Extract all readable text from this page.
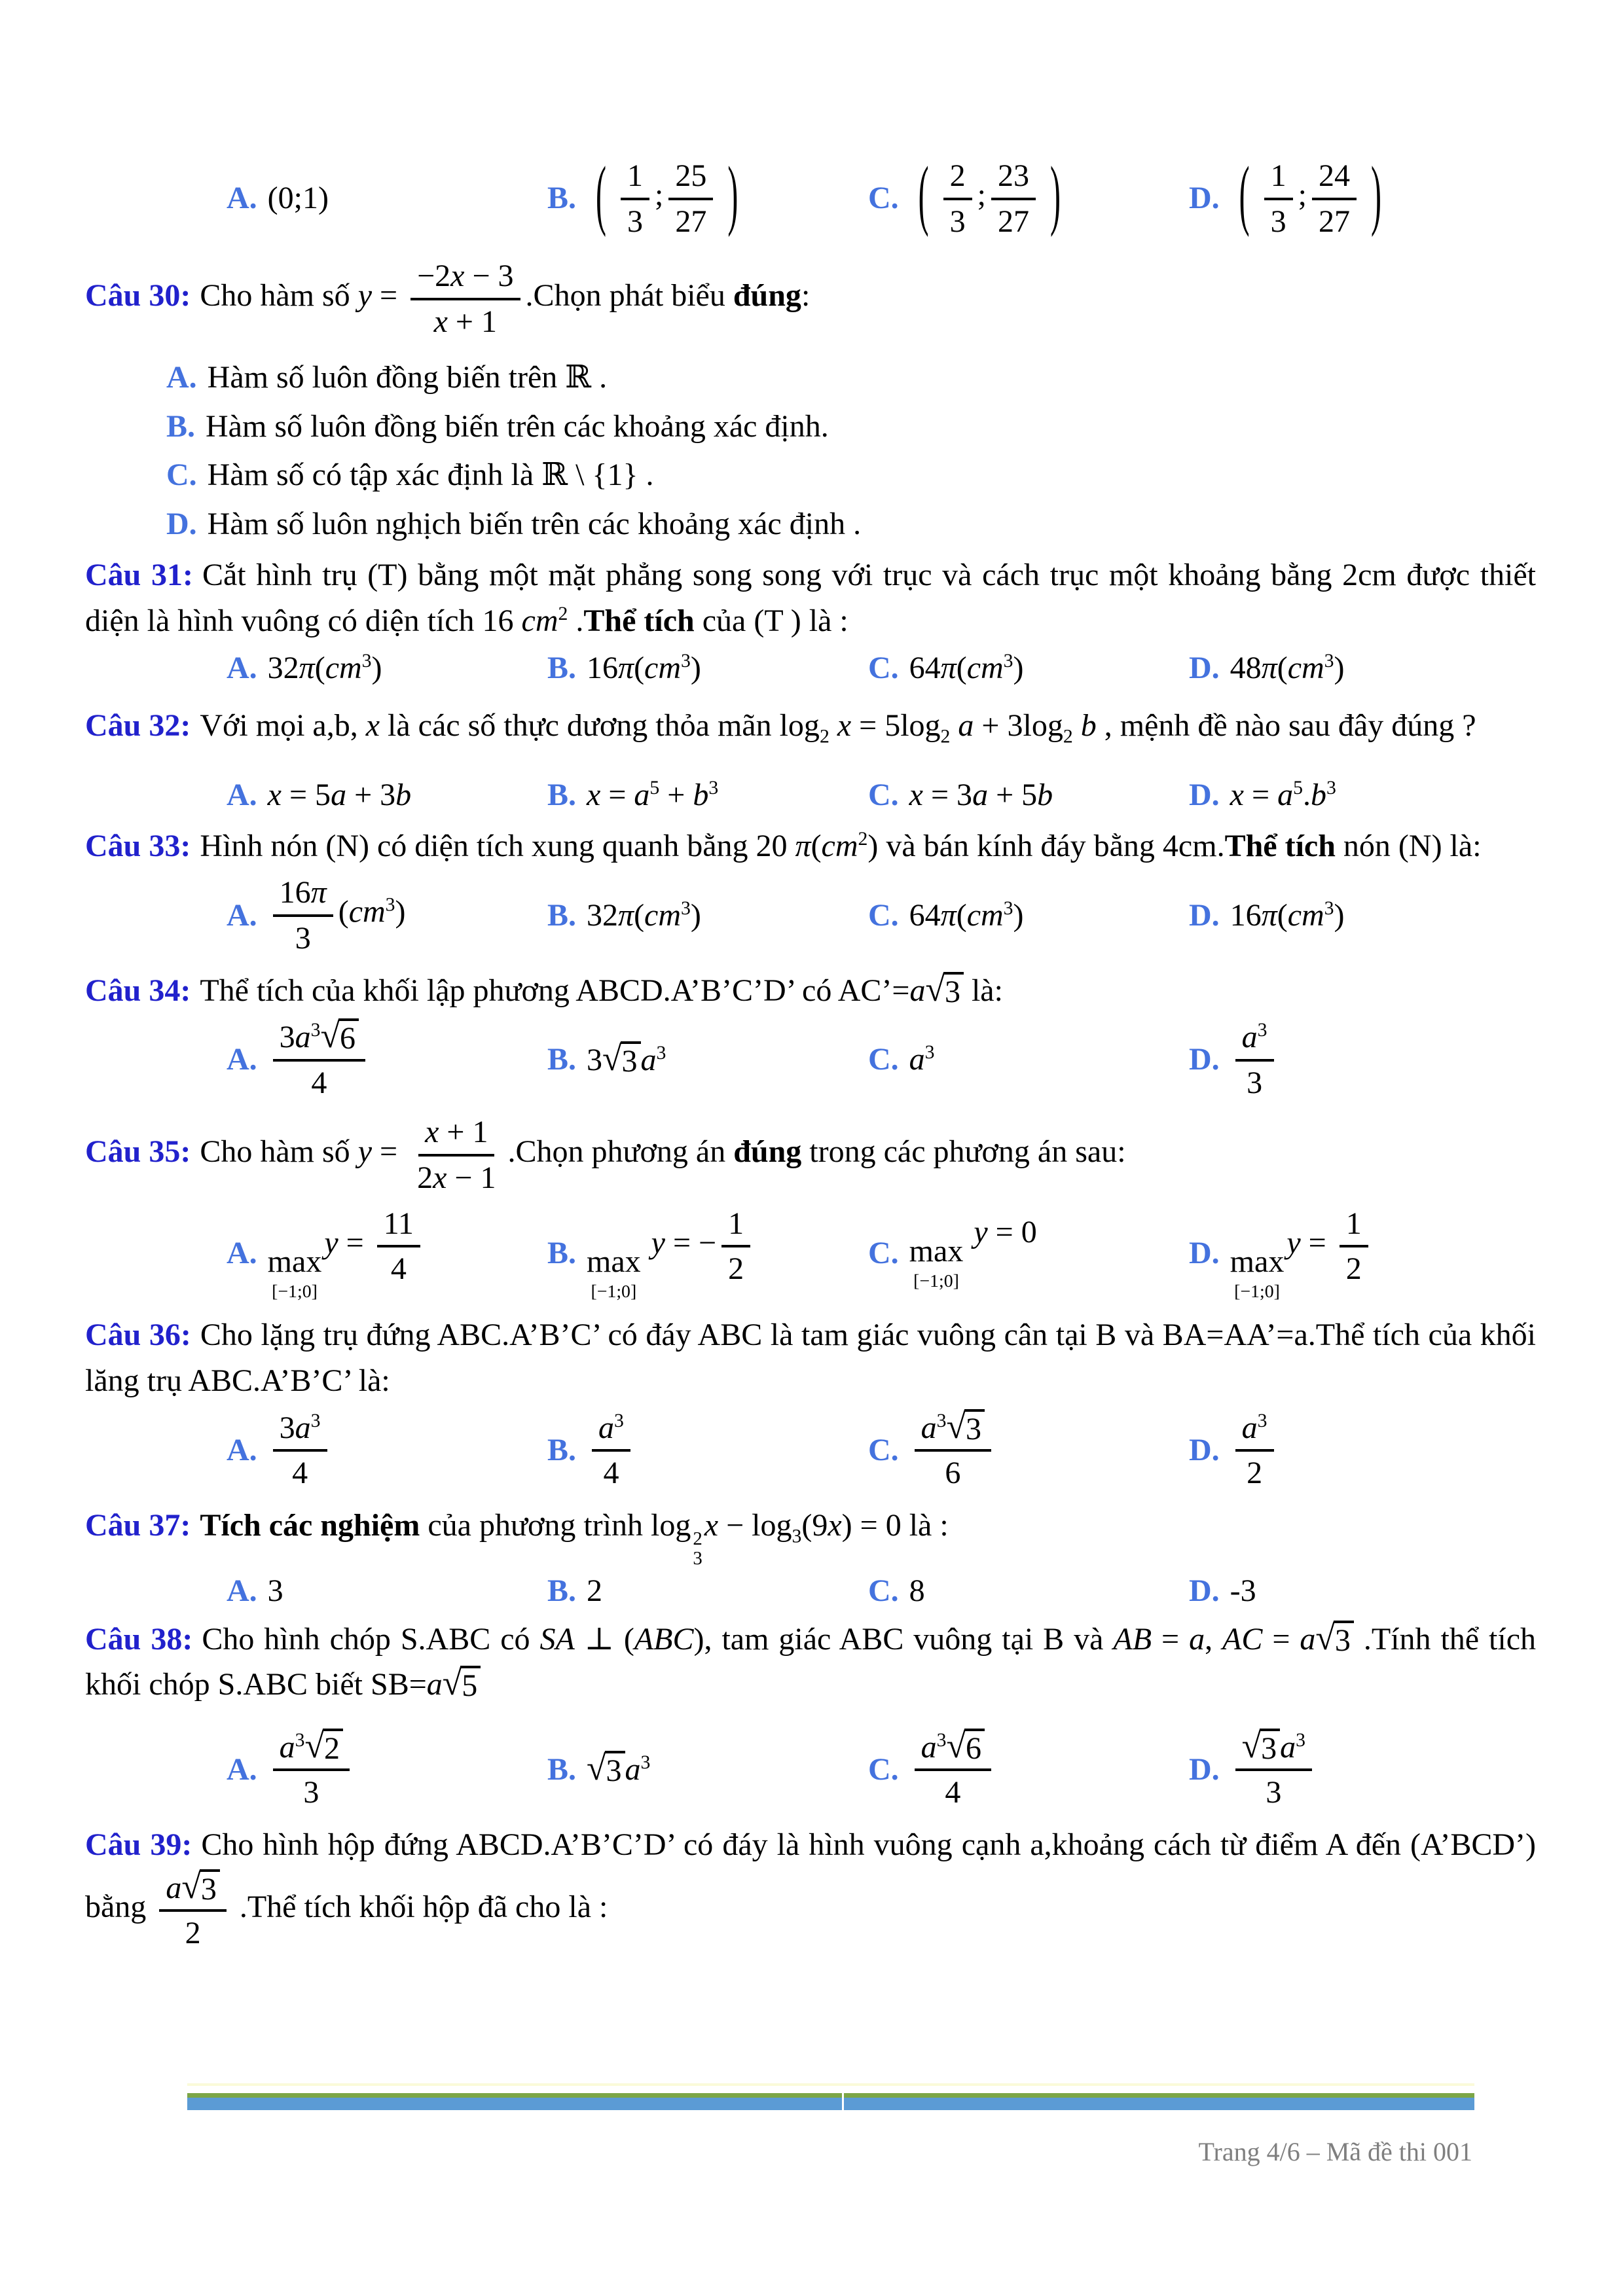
A. (0;1)	B. ( $\frac{1}{3}$ ; $\frac{25}{27}$ )	C. ( $\frac{2}{3}$ ; $\frac{23}{27}$ )	D. ( $\frac{1}{3}$ ; $\frac{24}{27}$ )

Câu 30: Cho hàm số $y = \frac{-2x - 3}{x + 1}$ .Chọn phát biểu đúng:

A. Hàm số luôn đồng biến trên ℝ .
B. Hàm số luôn đồng biến trên các khoảng xác định.
C. Hàm số có tập xác định là ℝ \ {1} .
D. Hàm số luôn nghịch biến trên các khoảng xác định .

Câu 31: Cắt hình trụ (T) bằng một mặt phẳng song song với trục và cách trục một khoảng bằng 2cm được thiết diện là hình vuông có diện tích 16 $cm^2$ .Thể tích của (T ) là :

A. $32\pi(cm^3)$	B. $16\pi(cm^3)$	C. $64\pi(cm^3)$	D. $48\pi(cm^3)$

Câu 32: Với mọi a,b, x là các số thực dương thỏa mãn $\log_2 x = 5\log_2$ $a + 3\log_2$ b , mệnh đề nào sau đây đúng ?

A. x = 5a + 3b	B. $x = a^5 + b^3$	C. x = 3a + 5b	D. $x = a^5.b^3$

Câu 33: Hình nón (N) có diện tích xung quanh bằng 20 $\pi(cm^2)$ và bán kính đáy bằng 4cm.Thể tích nón (N) là:

A. $\frac{16\pi}{3} (cm^3)$	B. $32\pi(cm^3)$	C. $64\pi(cm^3)$	D. $16\pi(cm^3)$

Câu 34: Thể tích của khối lập phương ABCD.A’B’C’D’ có AC’=a √ 3 là:

A. $\frac{3a^3 √ 6}{4}$	B. 3 √ 3 $a^3$	C. $a^3$	D. $\frac{a^3}{3}$

Câu 35: Cho hàm số $y = \frac{x + 1}{2x - 1}$ .Chọn phương án đúng trong các phương án sau:

A. max
[−1;0]
$y = \frac{11}{4}$	B. max
[−1;0]
y = − $\frac{1}{2}$	C. max
[−1;0]
y = 0
D. max
[−1;0]
$y = \frac{1}{2}$

Câu 36: Cho lặng trụ đứng ABC.A’B’C’ có đáy ABC là tam giác vuông cân tại B và BA=AA’=a.Thể tích của khối lăng trụ ABC.A’B’C’ là:

A. $\frac{3a^3}{4}$	B. $\frac{a^3}{4}$	C. $\frac{a^3 √ 3}{6}$	D. $\frac{a^3}{2}$

Câu 37: Tích các nghiệm của phương trình log 2
3
$x - \log_3(9x) = 0$ là :

A. 3	B. 2	C. 8	D. -3

Câu 38: Cho hình chóp S.ABC có SA ⊥ (ABC), tam giác ABC vuông tại B và AB = a, AC = a √ 3 .Tính thể tích khối chóp S.ABC biết SB=a √ 5

A. $\frac{a^3 √ 2}{3}$	B. √ 3 $a^3$	C. $\frac{a^3 √ 6}{4}$	D. $\frac{√ 3 a^3}{3}$

Câu 39: Cho hình hộp đứng ABCD.A’B’C’D’ có đáy là hình vuông cạnh a,khoảng cách từ điểm A đến (A’BCD’) bằng $\frac{a √ 3}{2}$ .Thể tích khối hộp đã cho là :

Trang 4/6 – Mã đề thi 001
